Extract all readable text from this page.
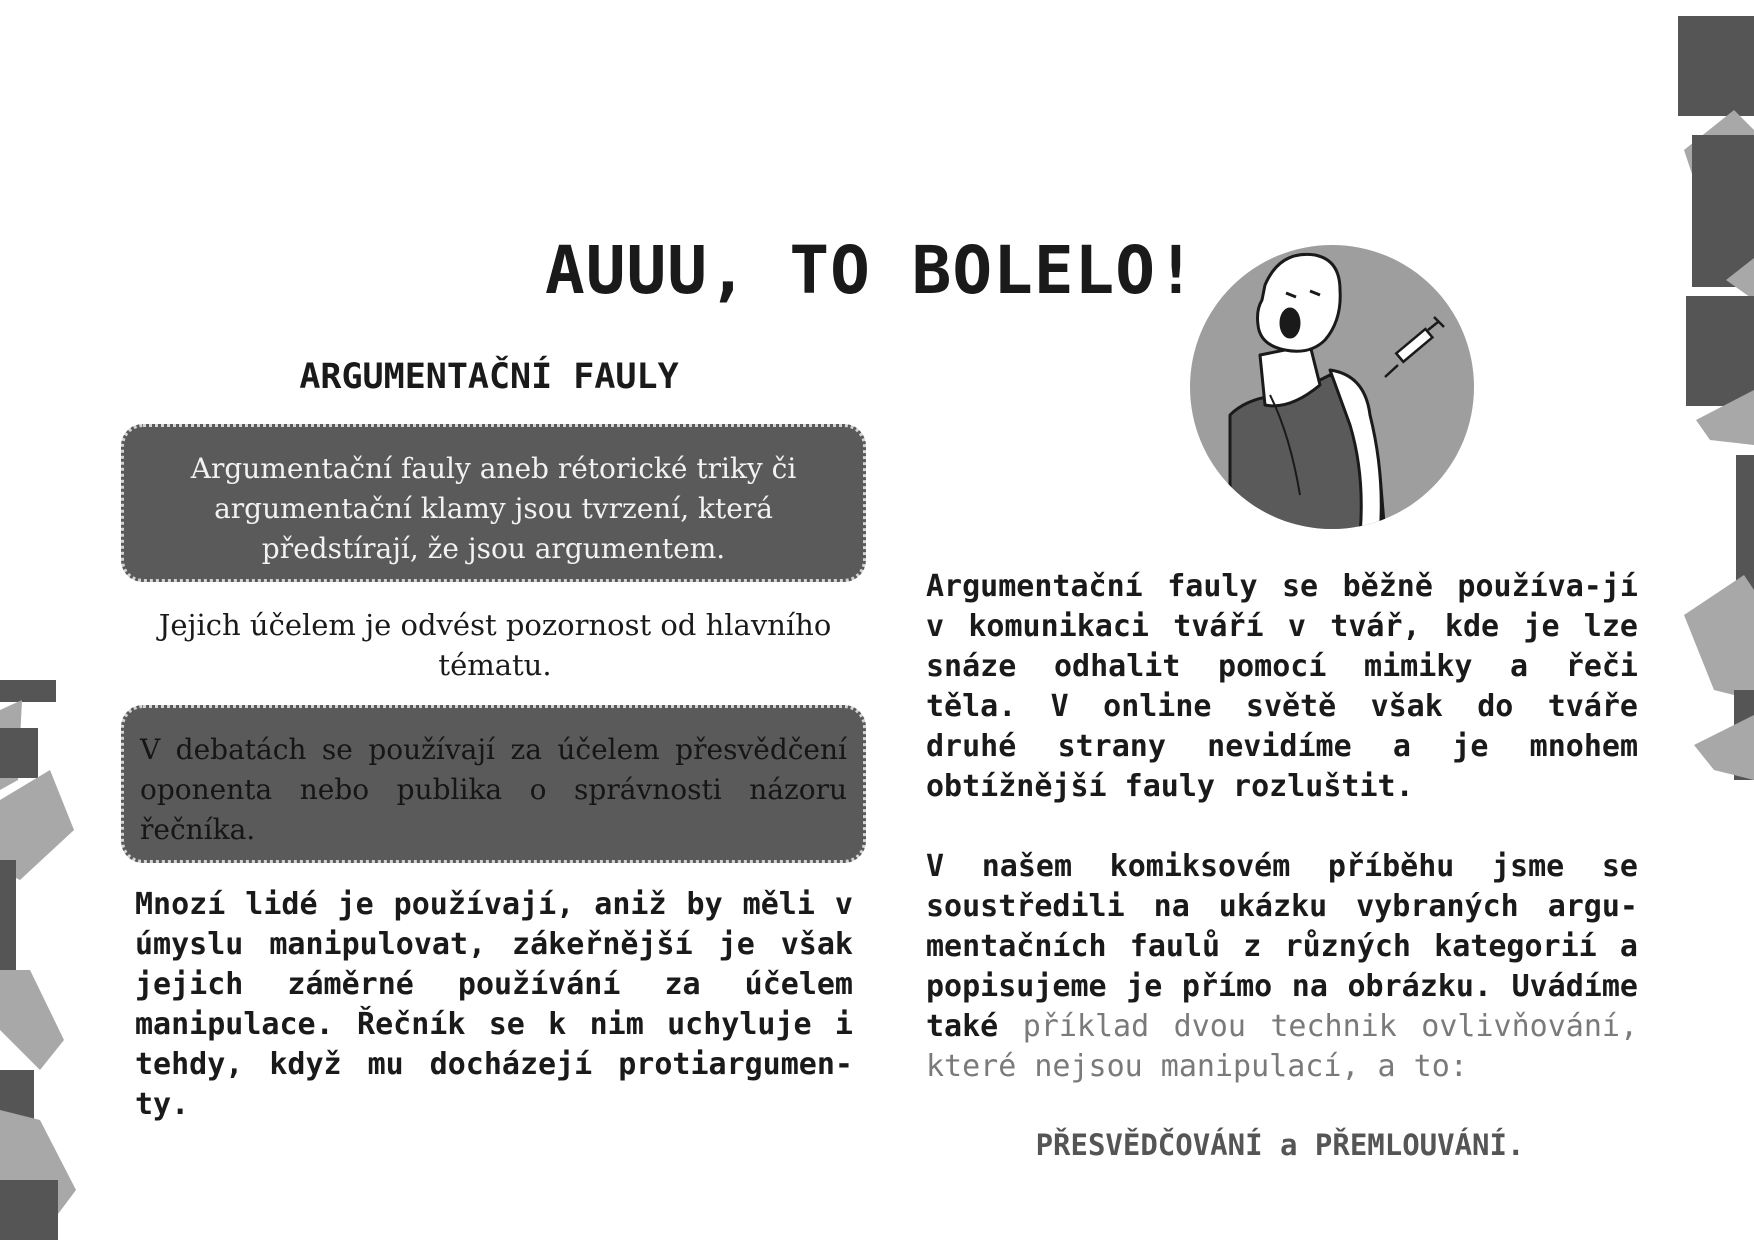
AUUU, TO BOLELO!
ARGUMENTAČNÍ FAULY
Argumentační fauly aneb rétorické triky či argumentační klamy jsou tvrzení, která předstírají, že jsou argumentem.

Jejich účelem je odvést pozornost od hlavního tématu.

V debatách se používají za účelem přesvědčení oponenta nebo publika o správnosti názoru řečníka.

Mnozí lidé je používají, aniž by měli v úmyslu manipulovat, zákeřnější je však jejich záměrné používání za účelem manipulace. Řečník se k nim uchyluje i tehdy, když mu docházejí protiargumen-ty.

Argumentační fauly se běžně používa-jí v komunikaci tváří v tvář, kde je lze snáze odhalit pomocí mimiky a řeči těla. V online světě však do tváře druhé strany nevidíme a je mnohem obtížnější fauly rozluštit.

V našem komiksovém příběhu jsme se soustředili na ukázku vybraných argu-mentačních faulů z různých kategorií a popisujeme je přímo na obrázku. Uvádíme také příklad dvou technik ovlivňování, které nejsou manipulací, a to:

PŘESVĚDČOVÁNÍ a PŘEMLOUVÁNÍ.
